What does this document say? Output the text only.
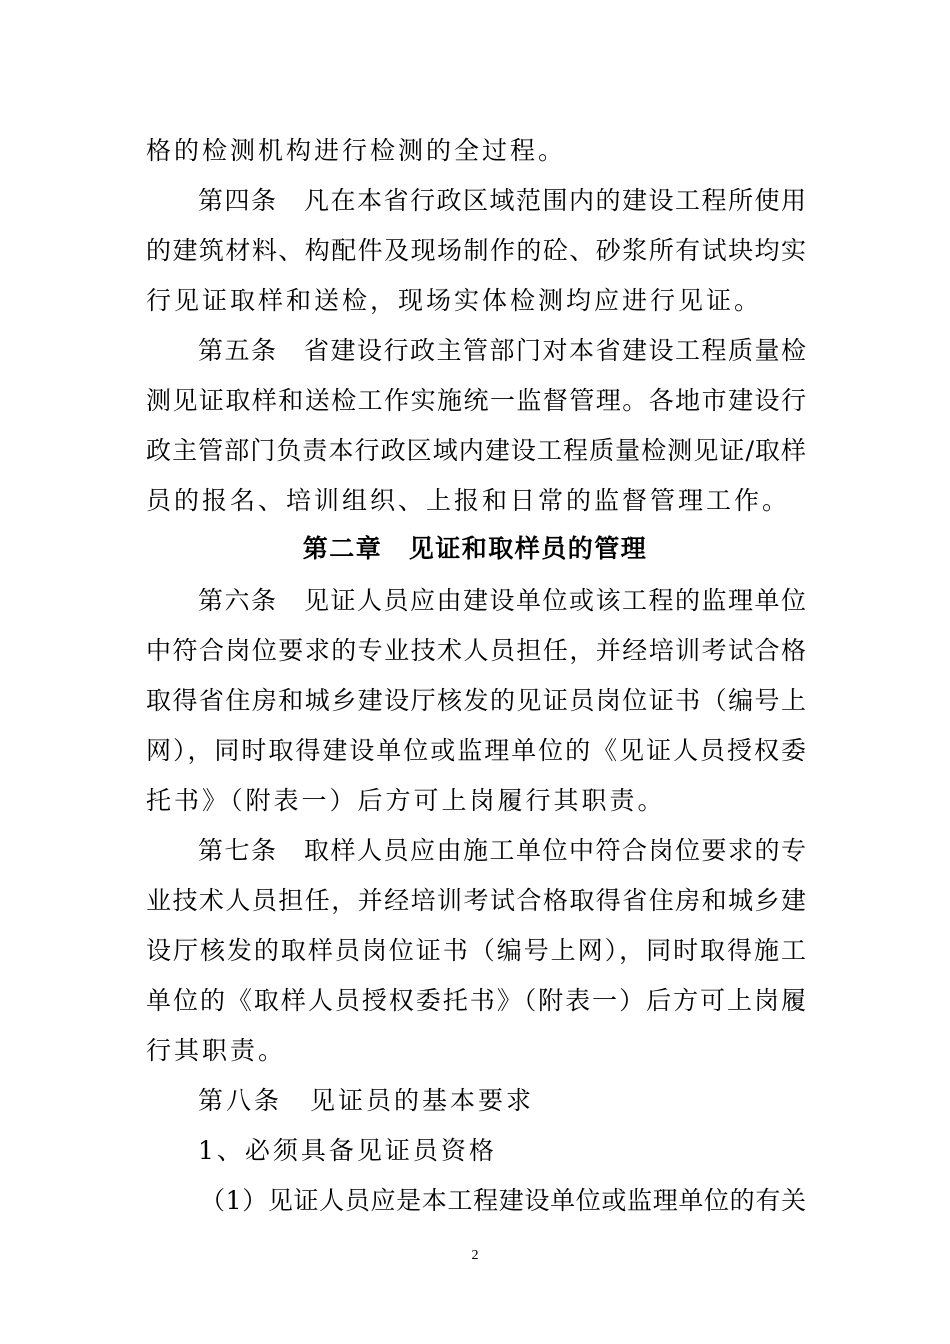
格的检测机构进行检测的全过程。
第四条　凡在本省行政区域范围内的建设工程所使用
的建筑材料、构配件及现场制作的砼、砂浆所有试块均实
行见证取样和送检，现场实体检测均应进行见证。
第五条　省建设行政主管部门对本省建设工程质量检
测见证取样和送检工作实施统一监督管理。各地市建设行
政主管部门负责本行政区域内建设工程质量检测见证/取样
员的报名、培训组织、上报和日常的监督管理工作。
第二章　见证和取样员的管理
第六条　见证人员应由建设单位或该工程的监理单位
中符合岗位要求的专业技术人员担任，并经培训考试合格
取得省住房和城乡建设厅核发的见证员岗位证书（编号上
网），同时取得建设单位或监理单位的《见证人员授权委
托书》（附表一）后方可上岗履行其职责。
第七条　取样人员应由施工单位中符合岗位要求的专
业技术人员担任，并经培训考试合格取得省住房和城乡建
设厅核发的取样员岗位证书（编号上网），同时取得施工
单位的《取样人员授权委托书》（附表一）后方可上岗履
行其职责。
第八条　见证员的基本要求
1、必须具备见证员资格
（1）见证人员应是本工程建设单位或监理单位的有关
2
